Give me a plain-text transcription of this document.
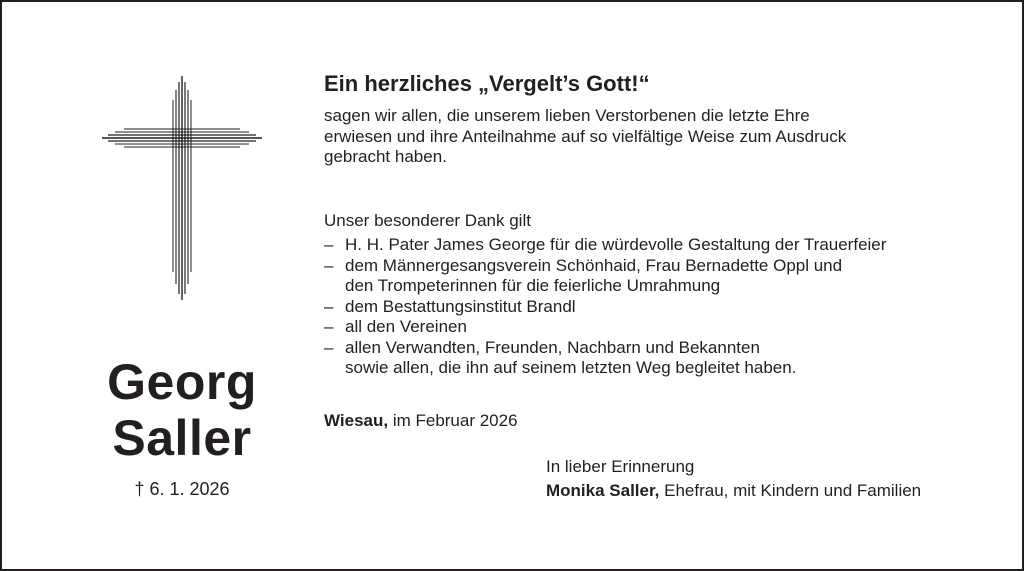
Georg
Saller
† 6. 1. 2026
Ein herzliches „Vergelt’s Gott!“

sagen wir allen, die unserem lieben Verstorbenen die letzte Ehre
erwiesen und ihre Anteilnahme auf so vielfältige Weise zum Ausdruck
gebracht haben.

Unser besonderer Dank gilt

– H. H. Pater James George für die würdevolle Gestaltung der Trauerfeier
– dem Männergesangsverein Schönhaid, Frau Bernadette Oppl und
den Trompeterinnen für die feierliche Umrahmung
– dem Bestattungsinstitut Brandl
– all den Vereinen
– allen Verwandten, Freunden, Nachbarn und Bekannten
sowie allen, die ihn auf seinem letzten Weg begleitet haben.
Wiesau, im Februar 2026
In lieber Erinnerung
Monika Saller, Ehefrau, mit Kindern und Familien
